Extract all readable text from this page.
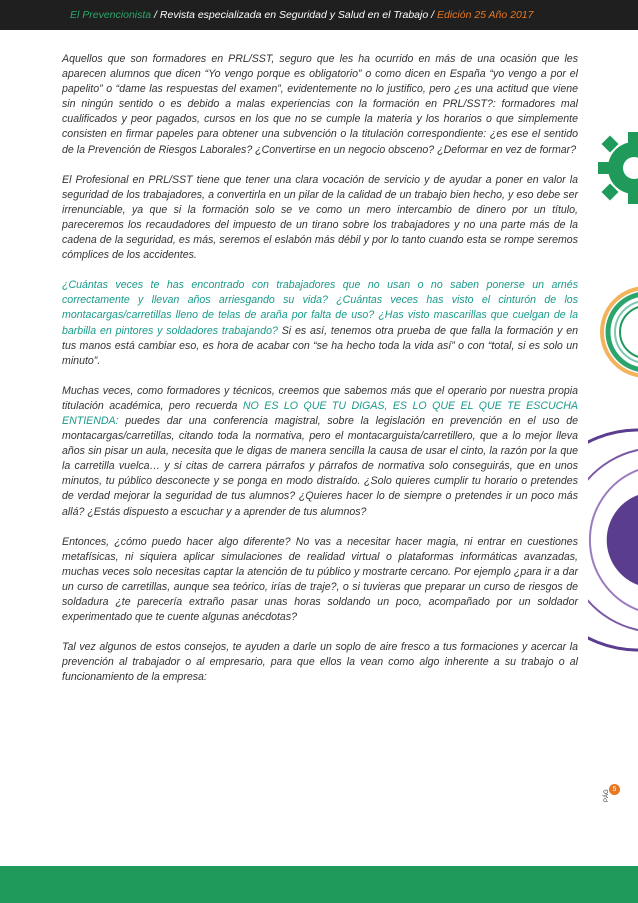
El Prevencionista / Revista especializada en Seguridad y Salud en el Trabajo / Edición 25 Año 2017

Aquellos que son formadores en PRL/SST, seguro que les ha ocurrido en más de una ocasión que les aparecen alumnos que dicen “Yo vengo porque es obligatorio” o como dicen en España “yo vengo a por el papelito” o “dame las respuestas del examen”, evidentemente no lo justifico, pero ¿es una actitud que viene sin ningún sentido o es debido a malas experiencias con la formación en PRL/SST?: formadores mal cualificados y peor pagados, cursos en los que no se cumple la materia y los horarios o que simplemente consisten en firmar papeles para obtener una subvención o la titulación correspondiente: ¿es ese el sentido de la Prevención de Riesgos Laborales? ¿Convertirse en un negocio obsceno? ¿Deformar en vez de formar?

El Profesional en PRL/SST tiene que tener una clara vocación de servicio y de ayudar a poner en valor la seguridad de los trabajadores, a convertirla en un pilar de la calidad de un trabajo bien hecho, y eso debe ser irrenunciable, ya que si la formación solo se ve como un mero intercambio de dinero por un título, pareceremos los recaudadores del impuesto de un tirano sobre los trabajadores y no una parte más de la cadena de la seguridad, es más, seremos el eslabón más débil y por lo tanto cuando esta se rompe seremos cómplices de los accidentes.

¿Cuántas veces te has encontrado con trabajadores que no usan o no saben ponerse un arnés correctamente y llevan años arriesgando su vida? ¿Cuántas veces has visto el cinturón de los montacargas/carretillas lleno de telas de araña por falta de uso? ¿Has visto mascarillas que cuelgan de la barbilla en pintores y soldadores trabajando? Si es así, tenemos otra prueba de que falla la formación y en tus manos está cambiar eso, es hora de acabar con “se ha hecho toda la vida así” o con “total, si es solo un minuto”.

Muchas veces, como formadores y técnicos, creemos que sabemos más que el operario por nuestra propia titulación académica, pero recuerda NO ES LO QUE TU DIGAS, ES LO QUE EL QUE TE ESCUCHA ENTIENDA: puedes dar una conferencia magistral, sobre la legislación en prevención en el uso de montacargas/carretillas, citando toda la normativa, pero el montacarguista/carretillero, que a lo mejor lleva años sin pisar un aula, necesita que le digas de manera sencilla la causa de usar el cinto, la razón por la que la carretilla vuelca… y si citas de carrera párrafos y párrafos de normativa solo conseguirás, que en unos minutos, tu público desconecte y se ponga en modo distraído. ¿Solo quieres cumplir tu horario o pretendes de verdad mejorar la seguridad de tus alumnos? ¿Quieres hacer lo de siempre o pretendes ir un poco más allá? ¿Estás dispuesto a escuchar y a aprender de tus alumnos?

Entonces, ¿cómo puedo hacer algo diferente? No vas a necesitar hacer magia, ni entrar en cuestiones metafísicas, ni siquiera aplicar simulaciones de realidad virtual o plataformas informáticas avanzadas, muchas veces solo necesitas captar la atención de tu público y mostrarte cercano. Por ejemplo ¿para ir a dar un curso de carretillas, aunque sea teórico, irías de traje?, o si tuvieras que preparar un curso de riesgos de soldadura ¿te parecería extraño pasar unas horas soldando un poco, acompañado por un soldador experimentado que te cuente algunas anécdotas?

Tal vez algunos de estos consejos, te ayuden a darle un soplo de aire fresco a tus formaciones y acercar la prevención al trabajador o al empresario, para que ellos la vean como algo inherente a su trabajo o al funcionamiento de la empresa:

5
PÁG
